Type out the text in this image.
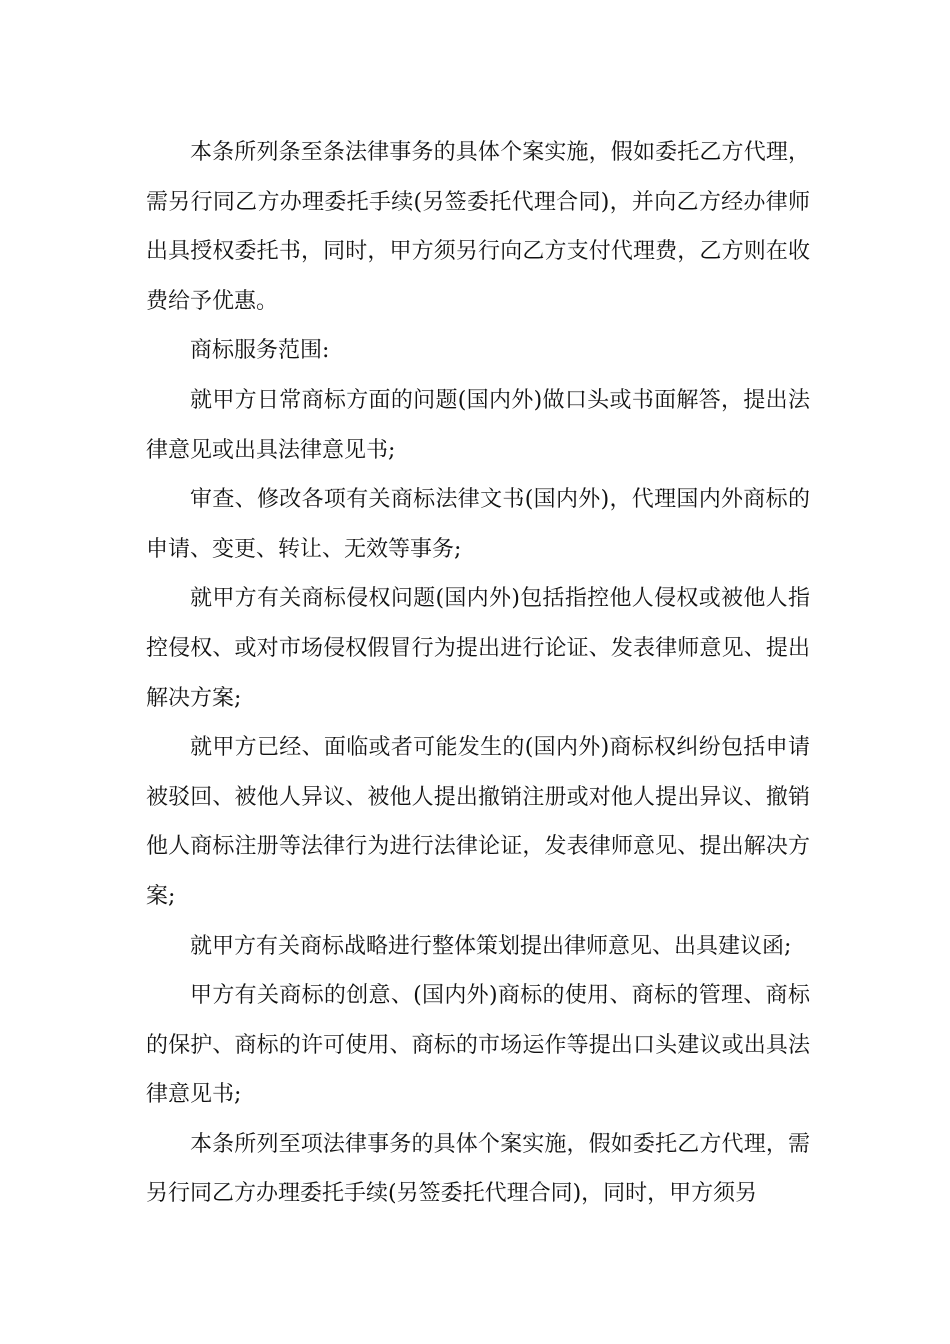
本条所列条至条法律事务的具体个案实施，假如委托乙方代理，需另行同乙方办理委托手续(另签委托代理合同)，并向乙方经办律师出具授权委托书，同时，甲方须另行向乙方支付代理费，乙方则在收费给予优惠。

商标服务范围:

就甲方日常商标方面的问题(国内外)做口头或书面解答，提出法律意见或出具法律意见书;

审查、修改各项有关商标法律文书(国内外)，代理国内外商标的申请、变更、转让、无效等事务;

就甲方有关商标侵权问题(国内外)包括指控他人侵权或被他人指控侵权、或对市场侵权假冒行为提出进行论证、发表律师意见、提出解决方案;

就甲方已经、面临或者可能发生的(国内外)商标权纠纷包括申请被驳回、被他人异议、被他人提出撤销注册或对他人提出异议、撤销他人商标注册等法律行为进行法律论证，发表律师意见、提出解决方案;

就甲方有关商标战略进行整体策划提出律师意见、出具建议函;

甲方有关商标的创意、(国内外)商标的使用、商标的管理、商标的保护、商标的许可使用、商标的市场运作等提出口头建议或出具法律意见书;

本条所列至项法律事务的具体个案实施，假如委托乙方代理，需另行同乙方办理委托手续(另签委托代理合同)，同时，甲方须另
